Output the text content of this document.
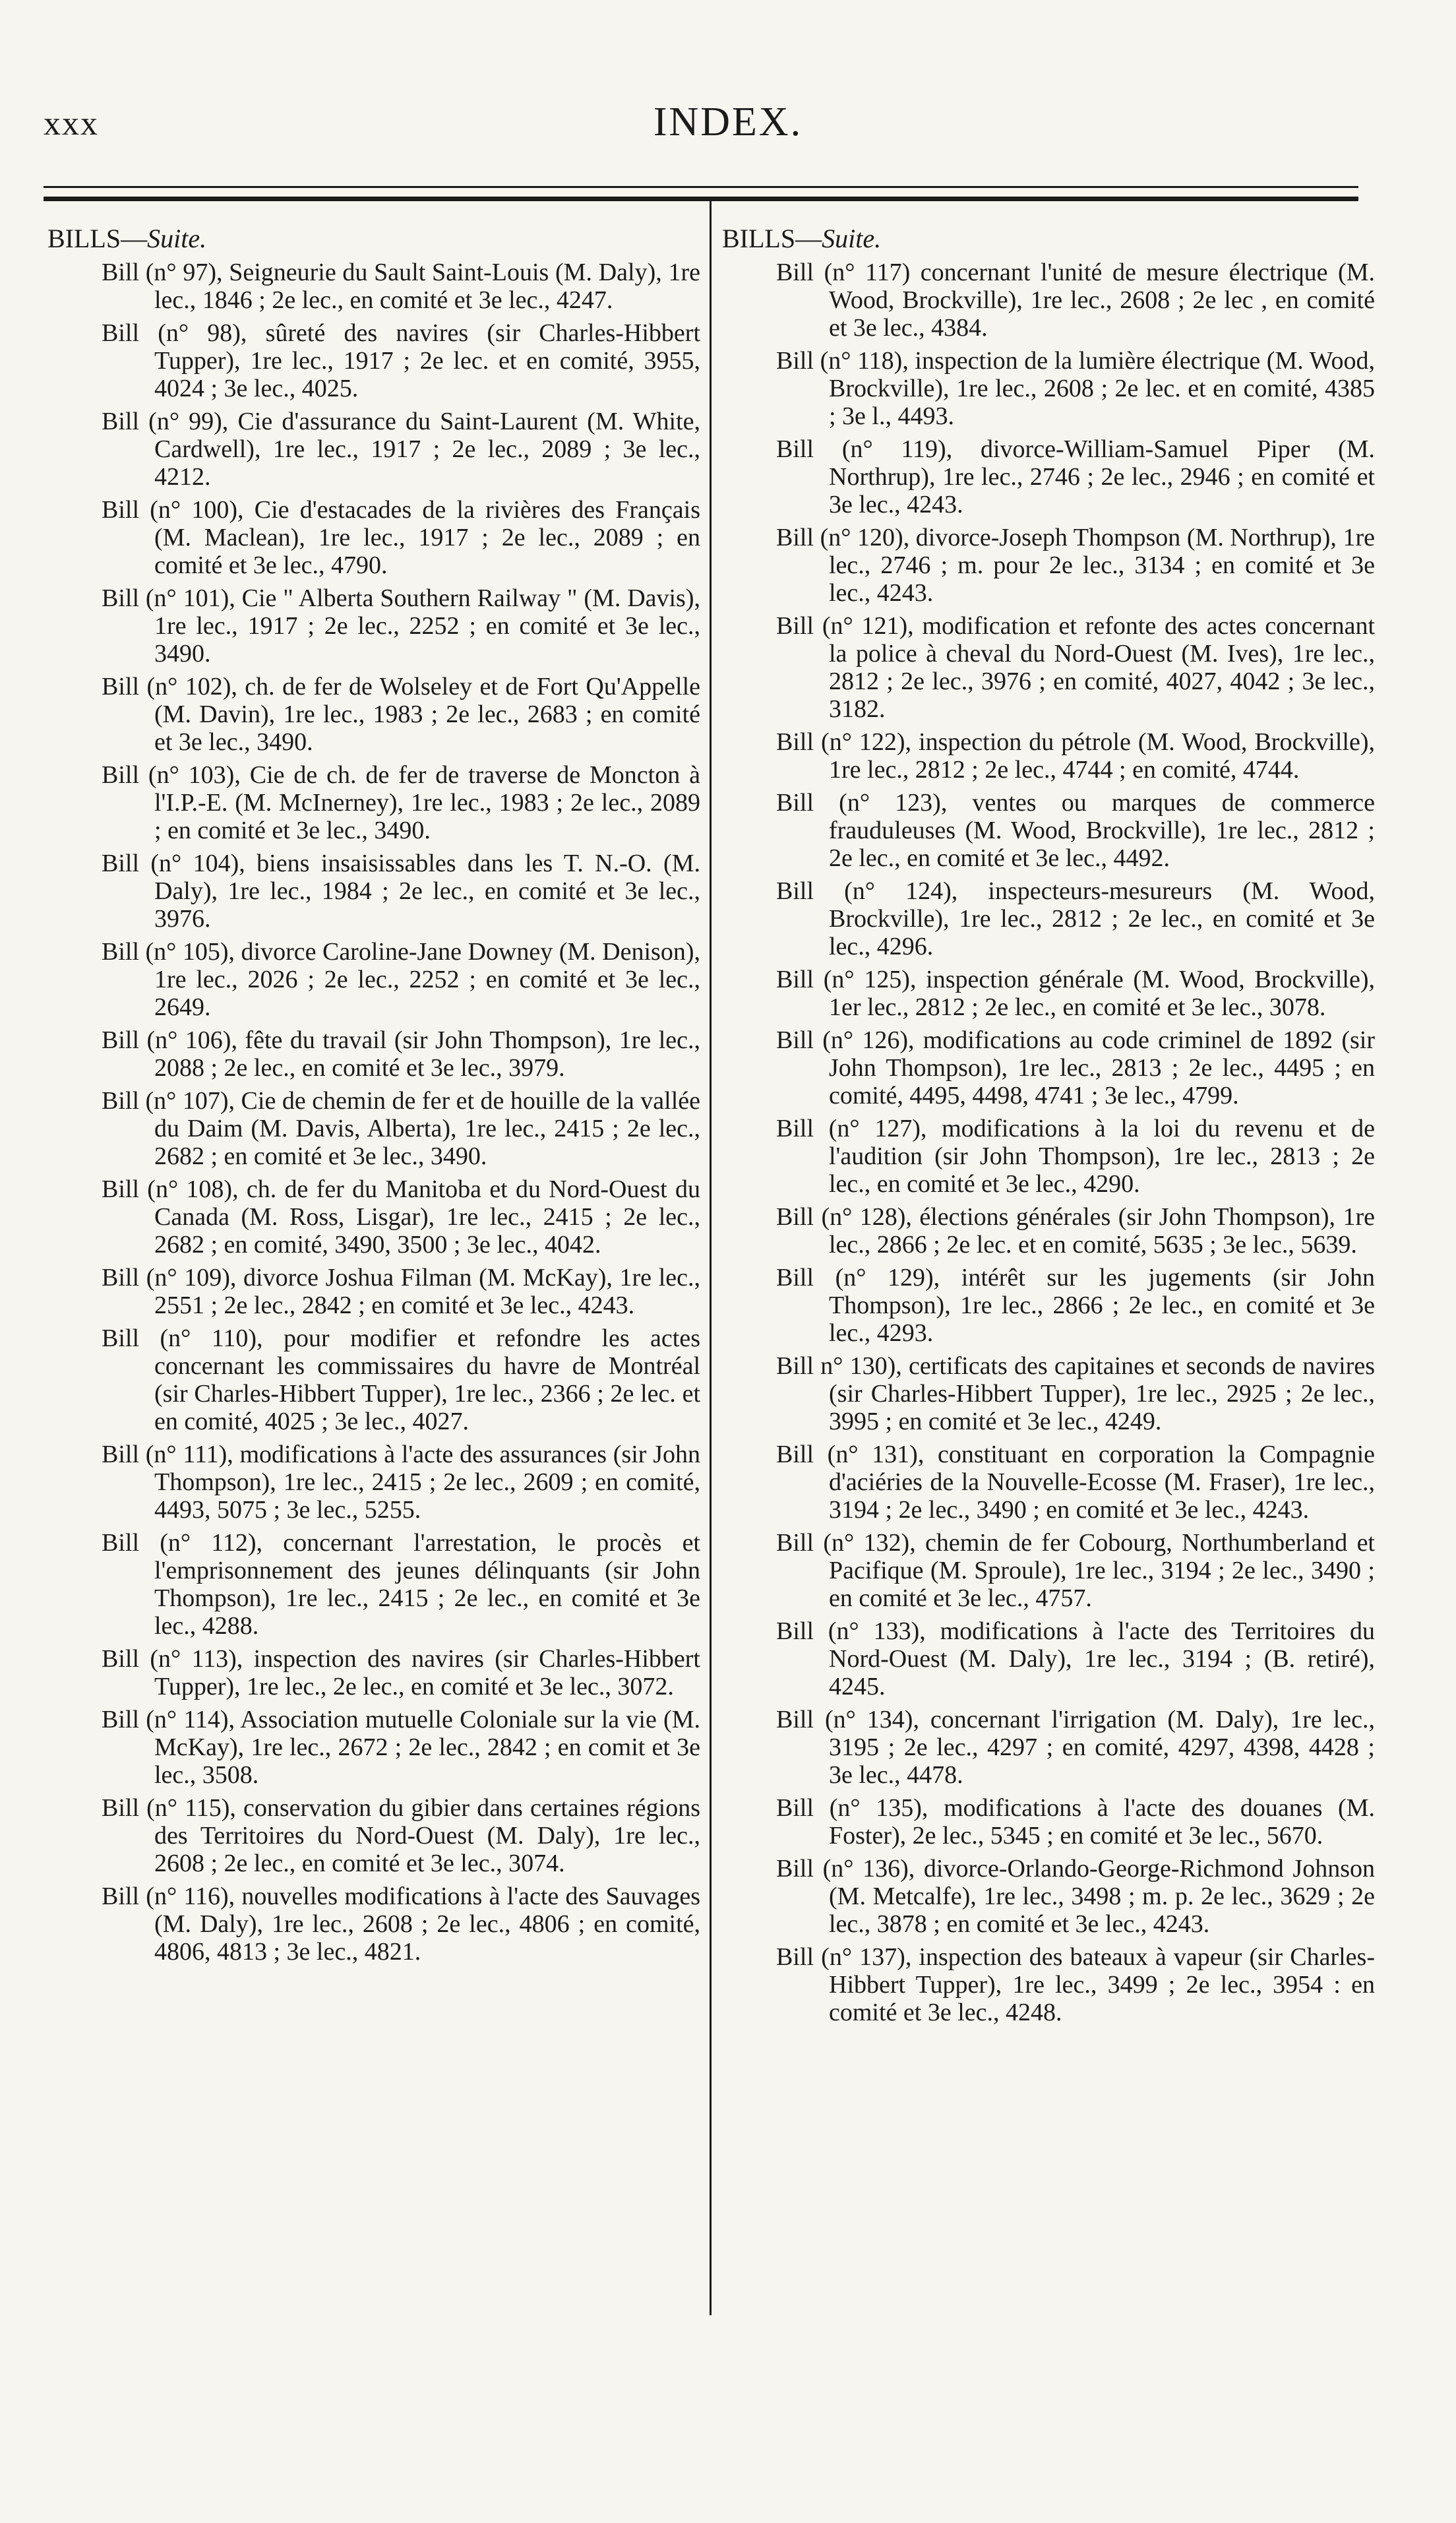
xxx	INDEX.
BILLS—Suite.

Bill (n° 97), Seigneurie du Sault Saint-Louis (M. Daly), 1re lec., 1846 ; 2e lec., en comité et 3e lec., 4247.

Bill (n° 98), sûreté des navires (sir Charles-Hibbert Tupper), 1re lec., 1917 ; 2e lec. et en comité, 3955, 4024 ; 3e lec., 4025.

Bill (n° 99), Cie d'assurance du Saint-Laurent (M. White, Cardwell), 1re lec., 1917 ; 2e lec., 2089 ; 3e lec., 4212.

Bill (n° 100), Cie d'estacades de la rivières des Français (M. Maclean), 1re lec., 1917 ; 2e lec., 2089 ; en comité et 3e lec., 4790.

Bill (n° 101), Cie " Alberta Southern Railway " (M. Davis), 1re lec., 1917 ; 2e lec., 2252 ; en comité et 3e lec., 3490.

Bill (n° 102), ch. de fer de Wolseley et de Fort Qu'Appelle (M. Davin), 1re lec., 1983 ; 2e lec., 2683 ; en comité et 3e lec., 3490.

Bill (n° 103), Cie de ch. de fer de traverse de Moncton à l'I.P.-E. (M. McInerney), 1re lec., 1983 ; 2e lec., 2089 ; en comité et 3e lec., 3490.

Bill (n° 104), biens insaisissables dans les T. N.-O. (M. Daly), 1re lec., 1984 ; 2e lec., en comité et 3e lec., 3976.

Bill (n° 105), divorce Caroline-Jane Downey (M. Denison), 1re lec., 2026 ; 2e lec., 2252 ; en comité et 3e lec., 2649.

Bill (n° 106), fête du travail (sir John Thompson), 1re lec., 2088 ; 2e lec., en comité et 3e lec., 3979.

Bill (n° 107), Cie de chemin de fer et de houille de la vallée du Daim (M. Davis, Alberta), 1re lec., 2415 ; 2e lec., 2682 ; en comité et 3e lec., 3490.

Bill (n° 108), ch. de fer du Manitoba et du Nord-Ouest du Canada (M. Ross, Lisgar), 1re lec., 2415 ; 2e lec., 2682 ; en comité, 3490, 3500 ; 3e lec., 4042.

Bill (n° 109), divorce Joshua Filman (M. McKay), 1re lec., 2551 ; 2e lec., 2842 ; en comité et 3e lec., 4243.

Bill (n° 110), pour modifier et refondre les actes concernant les commissaires du havre de Montréal (sir Charles-Hibbert Tupper), 1re lec., 2366 ; 2e lec. et en comité, 4025 ; 3e lec., 4027.

Bill (n° 111), modifications à l'acte des assurances (sir John Thompson), 1re lec., 2415 ; 2e lec., 2609 ; en comité, 4493, 5075 ; 3e lec., 5255.

Bill (n° 112), concernant l'arrestation, le procès et l'emprisonnement des jeunes délinquants (sir John Thompson), 1re lec., 2415 ; 2e lec., en comité et 3e lec., 4288.

Bill (n° 113), inspection des navires (sir Charles-Hibbert Tupper), 1re lec., 2e lec., en comité et 3e lec., 3072.

Bill (n° 114), Association mutuelle Coloniale sur la vie (M. McKay), 1re lec., 2672 ; 2e lec., 2842 ; en comit et 3e lec., 3508.

Bill (n° 115), conservation du gibier dans certaines régions des Territoires du Nord-Ouest (M. Daly), 1re lec., 2608 ; 2e lec., en comité et 3e lec., 3074.

Bill (n° 116), nouvelles modifications à l'acte des Sauvages (M. Daly), 1re lec., 2608 ; 2e lec., 4806 ; en comité, 4806, 4813 ; 3e lec., 4821.

BILLS—Suite.

Bill (n° 117) concernant l'unité de mesure électrique (M. Wood, Brockville), 1re lec., 2608 ; 2e lec , en comité et 3e lec., 4384.

Bill (n° 118), inspection de la lumière électrique (M. Wood, Brockville), 1re lec., 2608 ; 2e lec. et en comité, 4385 ; 3e l., 4493.

Bill (n° 119), divorce-William-Samuel Piper (M. Northrup), 1re lec., 2746 ; 2e lec., 2946 ; en comité et 3e lec., 4243.

Bill (n° 120), divorce-Joseph Thompson (M. Northrup), 1re lec., 2746 ; m. pour 2e lec., 3134 ; en comité et 3e lec., 4243.

Bill (n° 121), modification et refonte des actes concernant la police à cheval du Nord-Ouest (M. Ives), 1re lec., 2812 ; 2e lec., 3976 ; en comité, 4027, 4042 ; 3e lec., 3182.

Bill (n° 122), inspection du pétrole (M. Wood, Brockville), 1re lec., 2812 ; 2e lec., 4744 ; en comité, 4744.

Bill (n° 123), ventes ou marques de commerce frauduleuses (M. Wood, Brockville), 1re lec., 2812 ; 2e lec., en comité et 3e lec., 4492.

Bill (n° 124), inspecteurs-mesureurs (M. Wood, Brockville), 1re lec., 2812 ; 2e lec., en comité et 3e lec., 4296.

Bill (n° 125), inspection générale (M. Wood, Brockville), 1er lec., 2812 ; 2e lec., en comité et 3e lec., 3078.

Bill (n° 126), modifications au code criminel de 1892 (sir John Thompson), 1re lec., 2813 ; 2e lec., 4495 ; en comité, 4495, 4498, 4741 ; 3e lec., 4799.

Bill (n° 127), modifications à la loi du revenu et de l'audition (sir John Thompson), 1re lec., 2813 ; 2e lec., en comité et 3e lec., 4290.

Bill (n° 128), élections générales (sir John Thompson), 1re lec., 2866 ; 2e lec. et en comité, 5635 ; 3e lec., 5639.

Bill (n° 129), intérêt sur les jugements (sir John Thompson), 1re lec., 2866 ; 2e lec., en comité et 3e lec., 4293.

Bill n° 130), certificats des capitaines et seconds de navires (sir Charles-Hibbert Tupper), 1re lec., 2925 ; 2e lec., 3995 ; en comité et 3e lec., 4249.

Bill (n° 131), constituant en corporation la Compagnie d'aciéries de la Nouvelle-Ecosse (M. Fraser), 1re lec., 3194 ; 2e lec., 3490 ; en comité et 3e lec., 4243.

Bill (n° 132), chemin de fer Cobourg, Northumberland et Pacifique (M. Sproule), 1re lec., 3194 ; 2e lec., 3490 ; en comité et 3e lec., 4757.

Bill (n° 133), modifications à l'acte des Territoires du Nord-Ouest (M. Daly), 1re lec., 3194 ; (B. retiré), 4245.

Bill (n° 134), concernant l'irrigation (M. Daly), 1re lec., 3195 ; 2e lec., 4297 ; en comité, 4297, 4398, 4428 ; 3e lec., 4478.

Bill (n° 135), modifications à l'acte des douanes (M. Foster), 2e lec., 5345 ; en comité et 3e lec., 5670.

Bill (n° 136), divorce-Orlando-George-Richmond Johnson (M. Metcalfe), 1re lec., 3498 ; m. p. 2e lec., 3629 ; 2e lec., 3878 ; en comité et 3e lec., 4243.

Bill (n° 137), inspection des bateaux à vapeur (sir Charles-Hibbert Tupper), 1re lec., 3499 ; 2e lec., 3954 : en comité et 3e lec., 4248.
